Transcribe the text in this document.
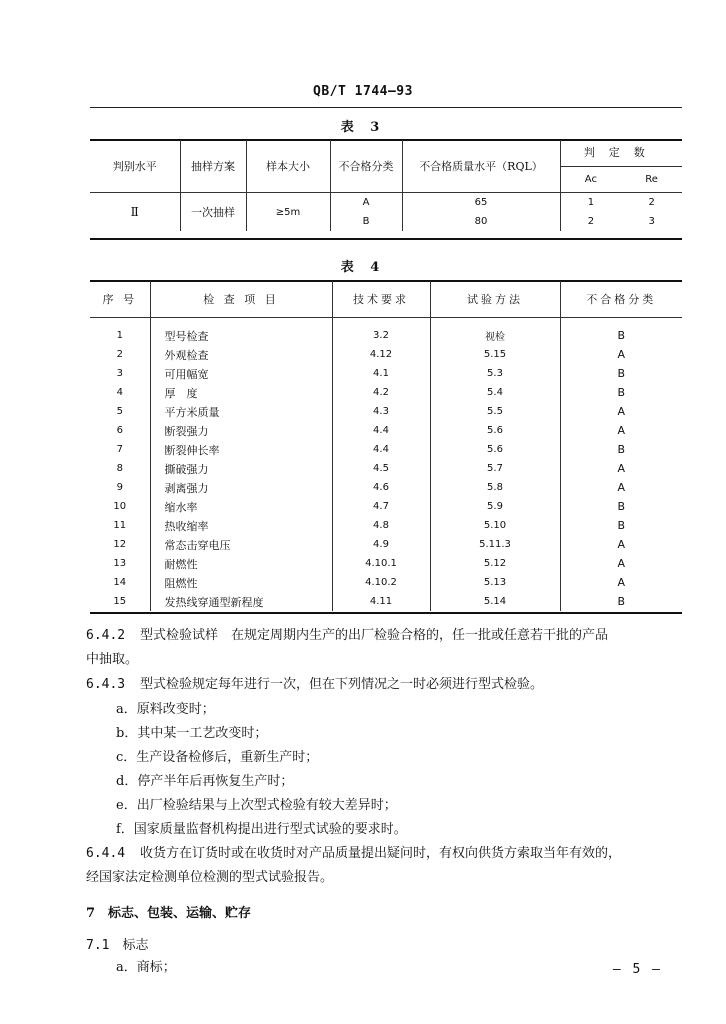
QB/T 1744—93
表 3
判别水平	抽样方案	样本大小	不合格分类	不合格质量水平（RQL）	判定数
Ac Re

Ⅱ	一次抽样	≥5m	A	65	1 2

			B	80	2 3
表 4
序 号	检 查 项 目	技术要求	试验方法	不合格分类
1	型号检查	3.2	视检	B
2	外观检查	4.12	5.15	A
3	可用幅宽	4.1	5.3	B
4	厚　度	4.2	5.4	B
5	平方米质量	4.3	5.5	A
6	断裂强力	4.4	5.6	A
7	断裂伸长率	4.4	5.6	B
8	撕破强力	4.5	5.7	A
9	剥离强力	4.6	5.8	A
10	缩水率	4.7	5.9	B
11	热收缩率	4.8	5.10	B
12	常态击穿电压	4.9	5.11.3	A
13	耐燃性	4.10.1	5.12	A
14	阻燃性	4.10.2	5.13	A
15	发热线穿通型新程度	4.11	5.14	B
6.4.2 型式检验试样　在规定周期内生产的出厂检验合格的，任一批或任意若干批的产品
中抽取。
6.4.3 型式检验规定每年进行一次，但在下列情况之一时必须进行型式检验。
a．原料改变时；
b．其中某一工艺改变时；
c．生产设备检修后，重新生产时；
d．停产半年后再恢复生产时；
e．出厂检验结果与上次型式检验有较大差异时；
f．国家质量监督机构提出进行型式试验的要求时。
6.4.4 收货方在订货时或在收货时对产品质量提出疑问时，有权向供货方索取当年有效的，
经国家法定检测单位检测的型式试验报告。
7　标志、包装、运输、贮存
7.1　标志
a．商标；	— 5 —
